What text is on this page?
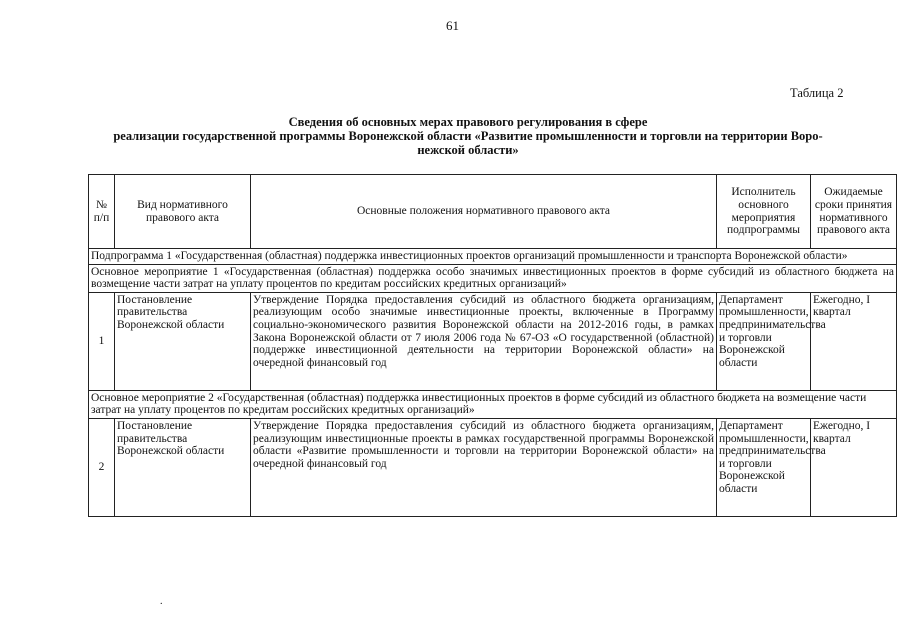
61
Таблица 2
Сведения об основных мерах правового регулирования в сфере
реализации государственной программы Воронежской области «Развитие промышленности и торговли на территории Воро-
нежской области»
№ п/п	Вид нормативного правового акта	Основные положения нормативного правового акта	Исполнитель основного мероприятия подпрограммы	Ожидаемые сроки принятия нормативного правового акта
Подпрограмма 1 «Государственная (областная) поддержка инвестиционных проектов организаций промышленности и транспорта Воронежской области»				
Основное мероприятие 1 «Государственная (областная) поддержка особо значимых инвестиционных проектов в форме субсидий из областного бюджета на возмещение части затрат на уплату процентов по кредитам российских кредитных организаций»				
1	Постановление правительства Воронежской области	Утверждение Порядка предоставления субсидий из областного бюджета организациям, реализующим особо значимые инвестиционные проекты, включенные в Программу социально-экономического развития Воронежской области на 2012-2016 годы, в рамках Закона Воронежской области от 7 июля 2006 года № 67-ОЗ «О государственной (областной) поддержке инвестиционной деятельности на территории Воронежской области» на очередной финансовый год	Департамент промышленности, предпринимательства и торговли Воронежской области	Ежегодно, I квартал
Основное мероприятие 2 «Государственная (областная) поддержка инвестиционных проектов в форме субсидий из областного бюджета на возмещение части затрат на уплату процентов по кредитам российских кредитных организаций»				
2	Постановление правительства Воронежской области	Утверждение Порядка предоставления субсидий из областного бюджета организациям, реализующим инвестиционные проекты в рамках государственной программы Воронежской области «Развитие промышленности и торговли на территории Воронежской области» на очередной финансовый год	Департамент промышленности, предпринимательства и торговли Воронежской области	Ежегодно, I квартал
.
